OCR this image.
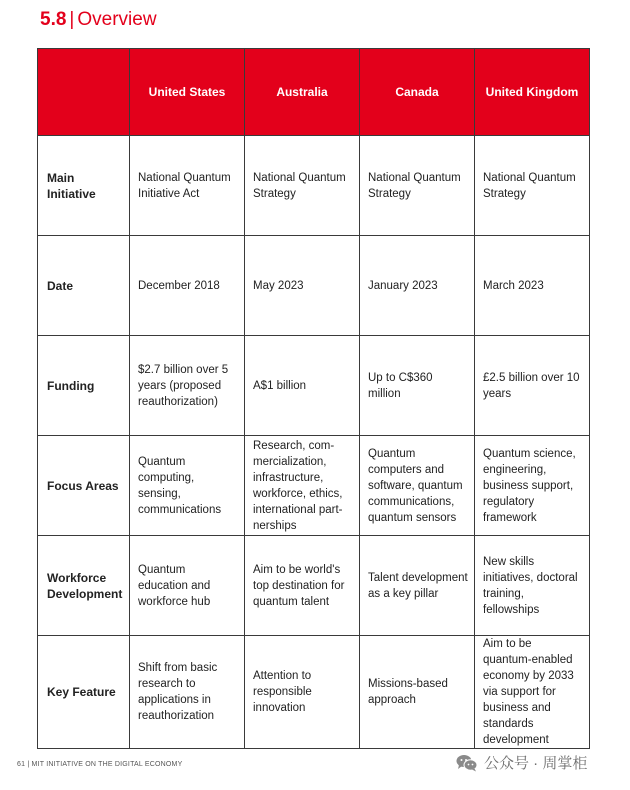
5.8 | Overview
	United States	Australia	Canada	United Kingdom
Main Initiative	National Quantum Initiative Act	National Quantum Strategy	National Quantum Strategy	National Quantum Strategy
Date	December 2018	May 2023	January 2023	March 2023
Funding	$2.7 billion over 5 years (proposed reauthorization)	A$1 billion	Up to C$360 million	£2.5 billion over 10 years
Focus Areas	Quantum computing, sensing, communications	Research, com-mercialization, infrastructure, workforce, ethics, international part-nerships	Quantum computers and software, quantum communications, quantum sensors	Quantum science, engineering, business support, regulatory framework
Workforce Development	Quantum education and workforce hub	Aim to be world's top destination for quantum talent	Talent development as a key pillar	New skills initiatives, doctoral training, fellowships
Key Feature	Shift from basic research to applications in reauthorization	Attention to responsible innovation	Missions-based approach	Aim to be quantum-enabled economy by 2033 via support for business and standards development
61 | MIT INITIATIVE ON THE DIGITAL ECONOMY	公众号 · 周掌柜
